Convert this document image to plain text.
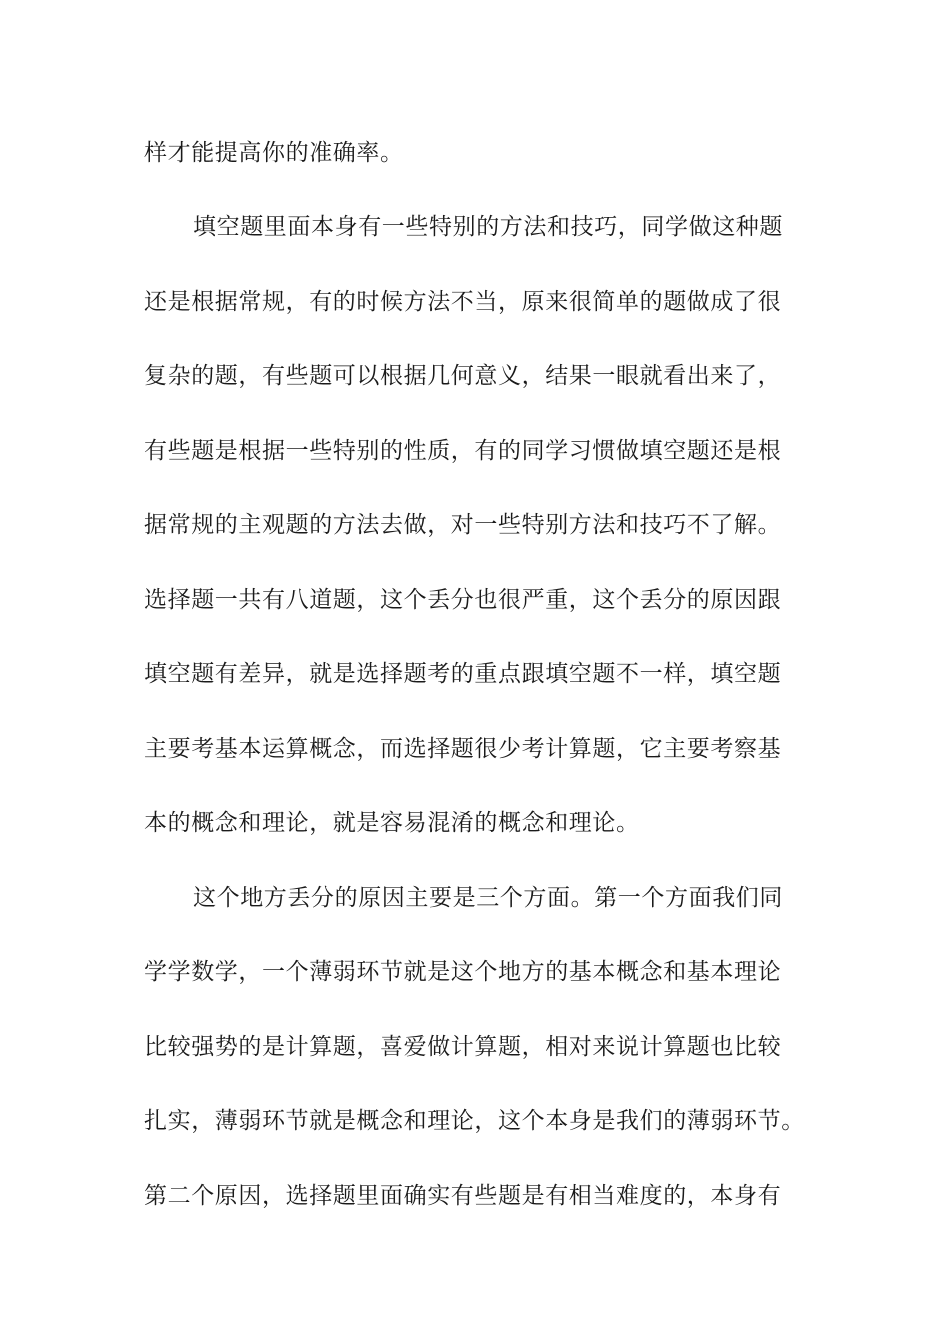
样才能提高你的准确率。
填空题里面本身有一些特别的方法和技巧，同学做这种题
还是根据常规，有的时候方法不当，原来很简单的题做成了很
复杂的题，有些题可以根据几何意义，结果一眼就看出来了，
有些题是根据一些特别的性质，有的同学习惯做填空题还是根
据常规的主观题的方法去做，对一些特别方法和技巧不了解。
选择题一共有八道题，这个丢分也很严重，这个丢分的原因跟
填空题有差异，就是选择题考的重点跟填空题不一样，填空题
主要考基本运算概念，而选择题很少考计算题，它主要考察基
本的概念和理论，就是容易混淆的概念和理论。
这个地方丢分的原因主要是三个方面。第一个方面我们同
学学数学，一个薄弱环节就是这个地方的基本概念和基本理论
比较强势的是计算题，喜爱做计算题，相对来说计算题也比较
扎实，薄弱环节就是概念和理论，这个本身是我们的薄弱环节。
第二个原因，选择题里面确实有些题是有相当难度的，本身有
